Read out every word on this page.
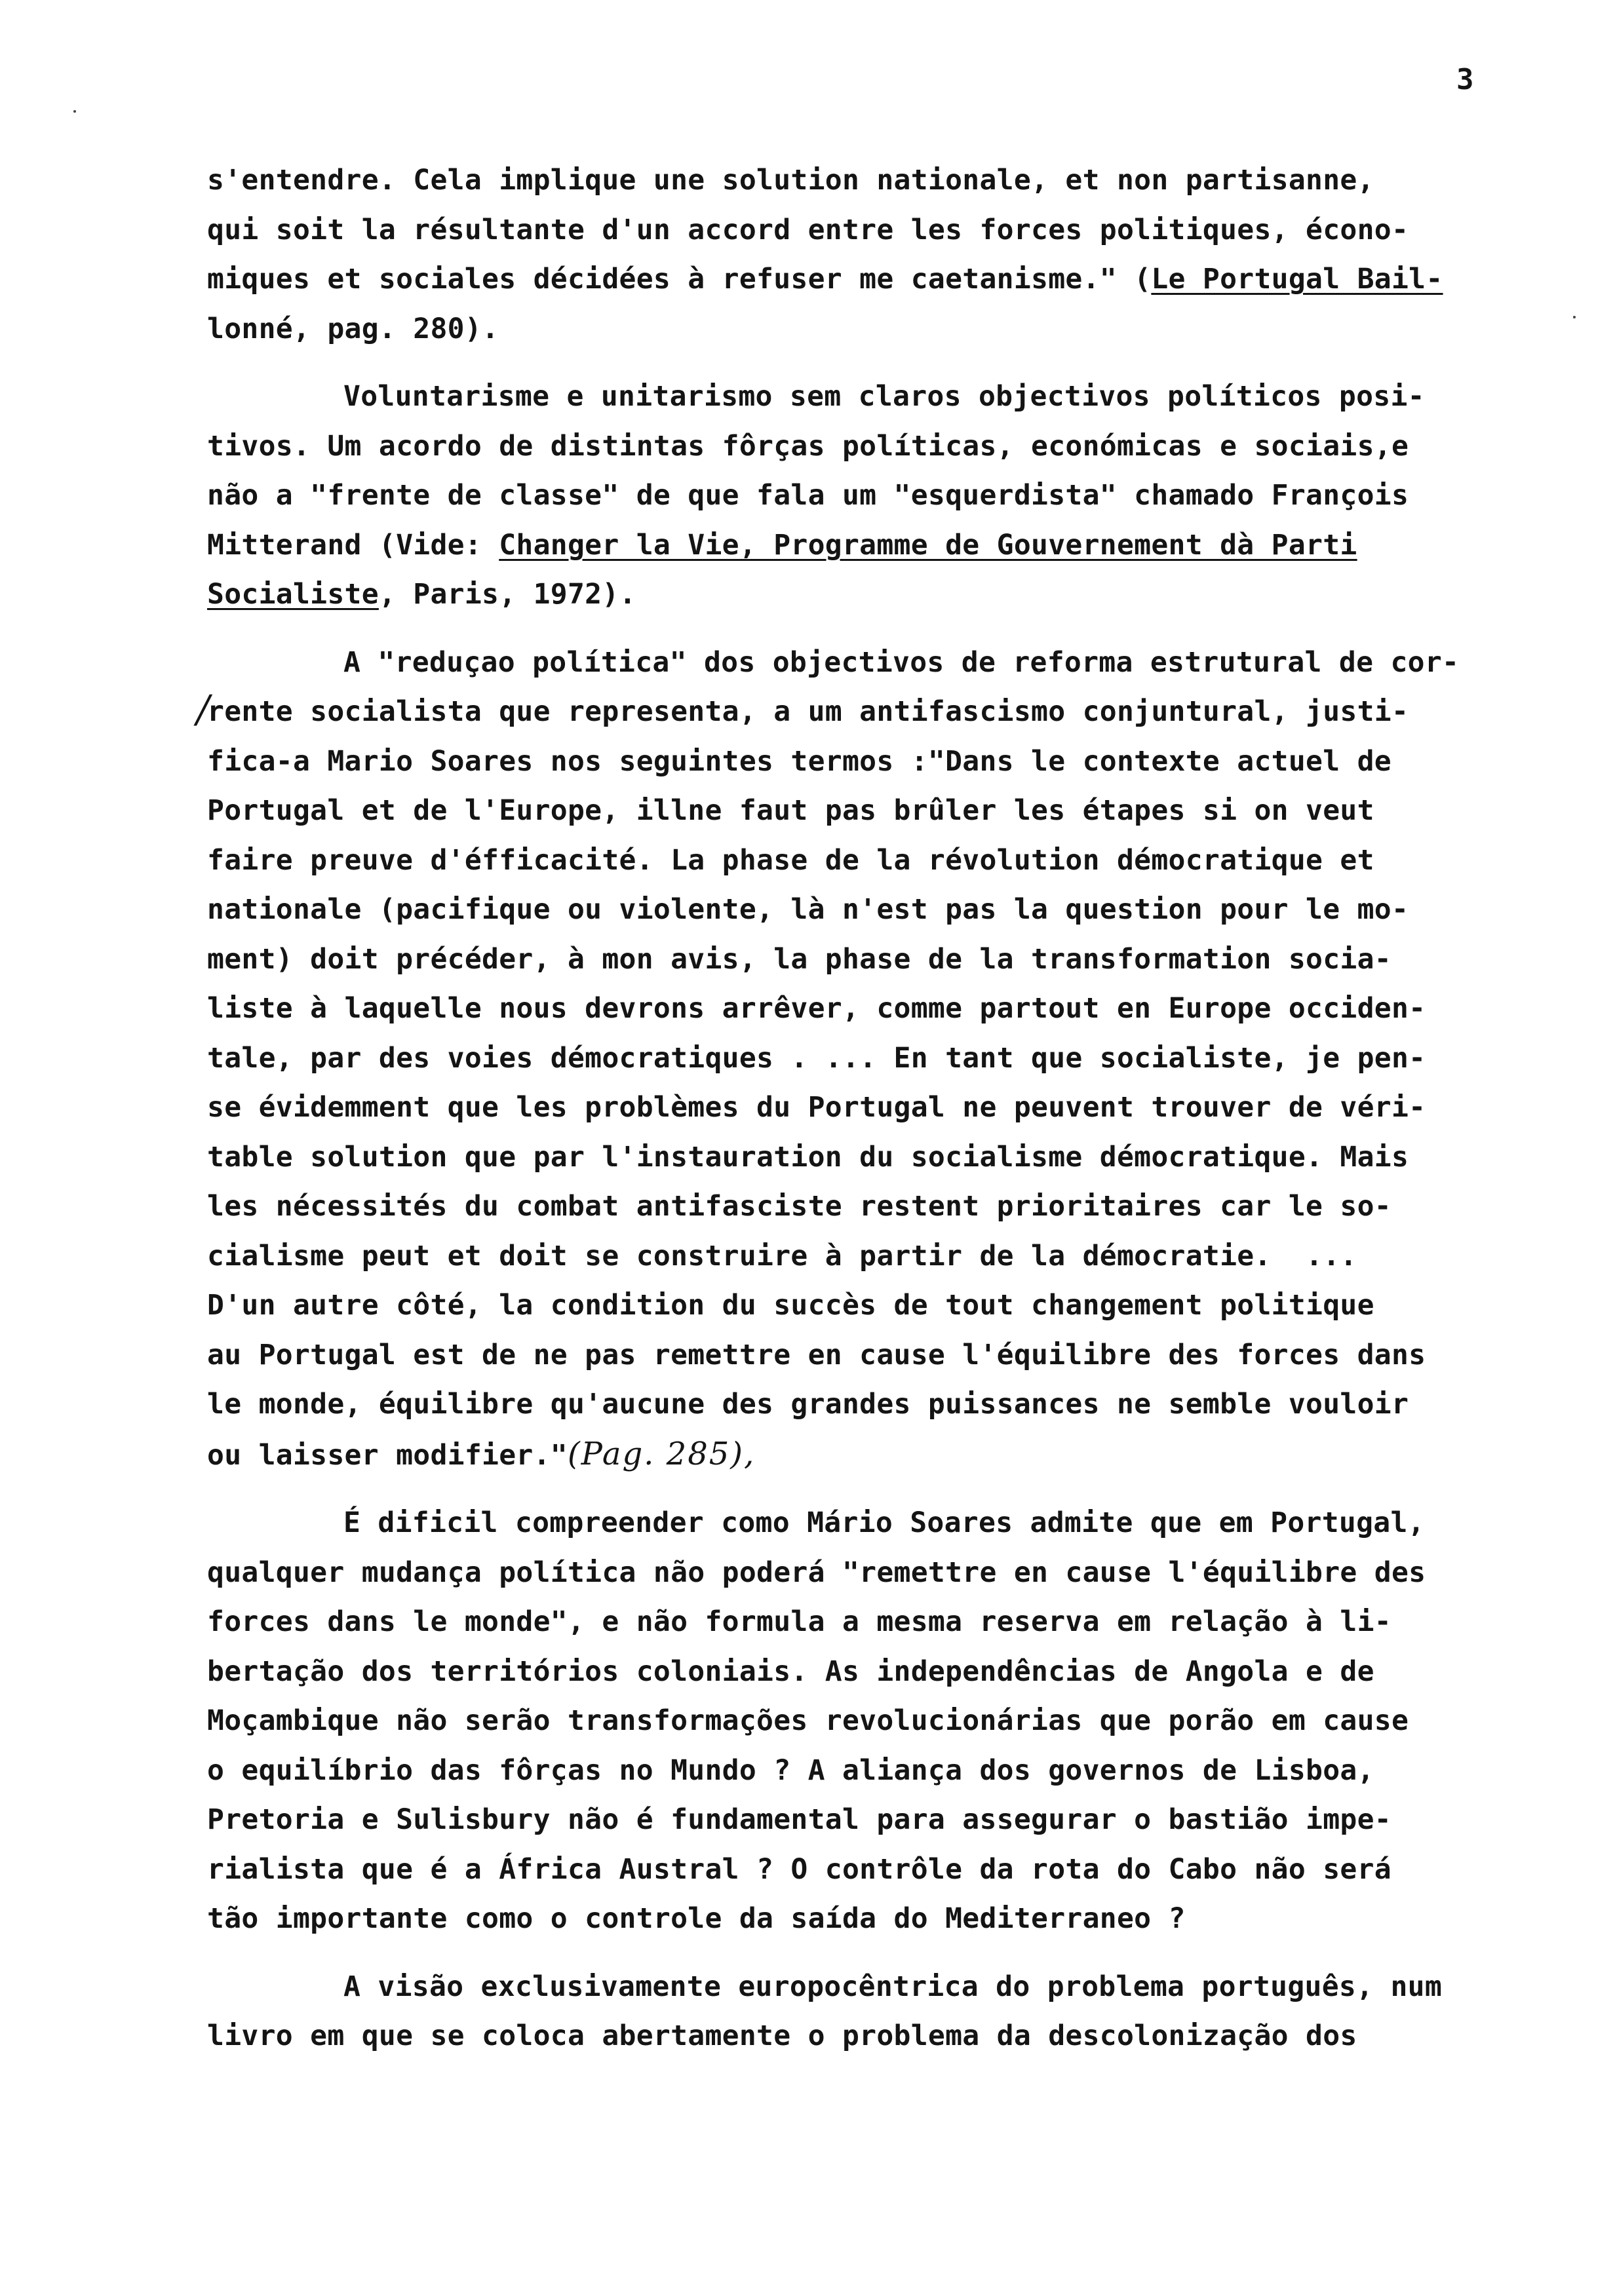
3
/
s'entendre. Cela implique une solution nationale, et non partisanne,
qui soit la résultante d'un accord entre les forces politiques, écono-
miques et sociales décidées à refuser me caetanisme." (Le Portugal Bail-
lonné, pag. 280).
Voluntarisme e unitarismo sem claros objectivos políticos posi-
tivos. Um acordo de distintas fôrças políticas, económicas e sociais,e
não a "frente de classe" de que fala um "esquerdista" chamado François
Mitterand (Vide: Changer la Vie, Programme de Gouvernement dà Parti
Socialiste, Paris, 1972).
A "reduçao política" dos objectivos de reforma estrutural de cor-
rente socialista que representa, a um antifascismo conjuntural, justi-
fica-a Mario Soares nos seguintes termos :"Dans le contexte actuel de
Portugal et de l'Europe, illne faut pas brûler les étapes si on veut
faire preuve d'éfficacité. La phase de la révolution démocratique et
nationale (pacifique ou violente, là n'est pas la question pour le mo-
ment) doit précéder, à mon avis, la phase de la transformation socia-
liste à laquelle nous devrons arrêver, comme partout en Europe occiden-
tale, par des voies démocratiques . ... En tant que socialiste, je pen-
se évidemment que les problèmes du Portugal ne peuvent trouver de véri-
table solution que par l'instauration du socialisme démocratique. Mais
les nécessités du combat antifasciste restent prioritaires car le so-
cialisme peut et doit se construire à partir de la démocratie.  ...
D'un autre côté, la condition du succès de tout changement politique
au Portugal est de ne pas remettre en cause l'équilibre des forces dans
le monde, équilibre qu'aucune des grandes puissances ne semble vouloir
ou laisser modifier."(Pag. 285),
É dificil compreender como Mário Soares admite que em Portugal,
qualquer mudança política não poderá "remettre en cause l'équilibre des
forces dans le monde", e não formula a mesma reserva em relação à li-
bertação dos territórios coloniais. As independências de Angola e de
Moçambique não serão transformações revolucionárias que porão em cause
o equilíbrio das fôrças no Mundo ? A aliança dos governos de Lisboa,
Pretoria e Sulisbury não é fundamental para assegurar o bastião impe-
rialista que é a África Austral ? O contrôle da rota do Cabo não será
tão importante como o controle da saída do Mediterraneo ?
A visão exclusivamente europocêntrica do problema português, num
livro em que se coloca abertamente o problema da descolonização dos
